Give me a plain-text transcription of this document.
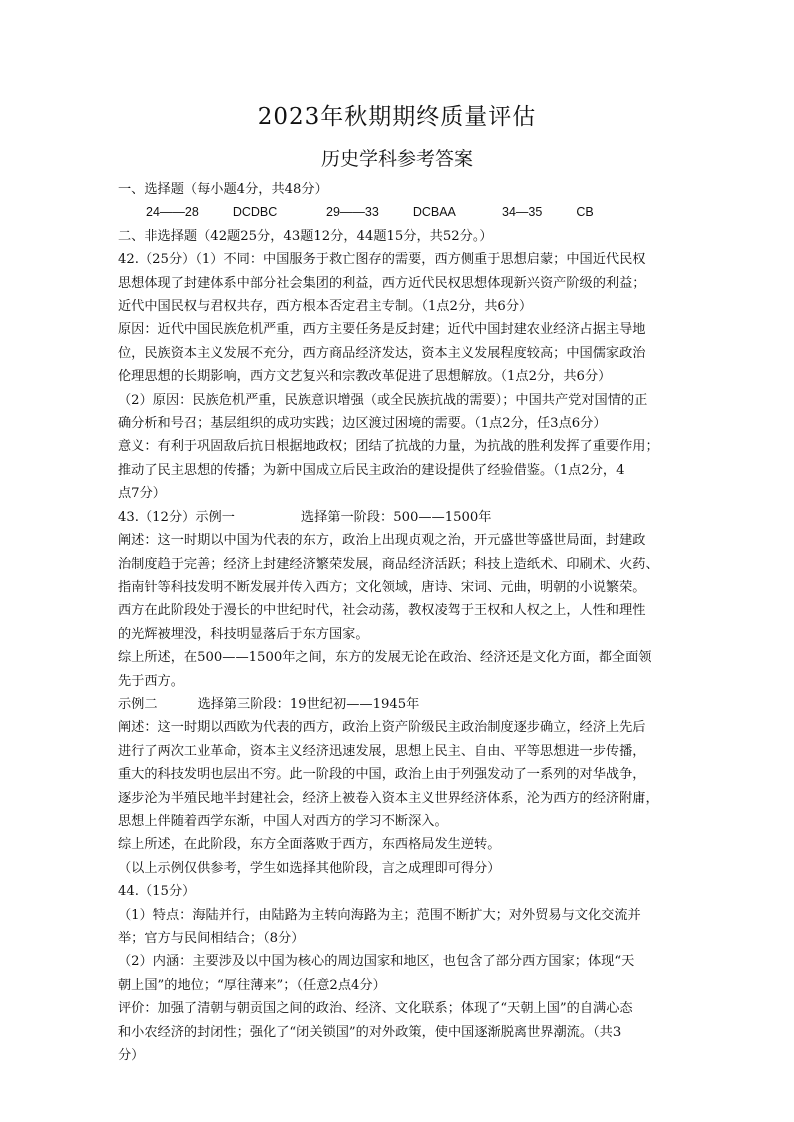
2023年秋期期终质量评估
历史学科参考答案

一、选择题（每小题4分，共48分）

24——28	DCDBC	29——33	DCBAA	34—35	CB

二、非选择题（42题25分，43题12分，44题15分，共52分。）

42.（25分）（1）不同：中国服务于救亡图存的需要，西方侧重于思想启蒙；中国近代民权

思想体现了封建体系中部分社会集团的利益，西方近代民权思想体现新兴资产阶级的利益；

近代中国民权与君权共存，西方根本否定君主专制。（1点2分，共6分）

原因：近代中国民族危机严重，西方主要任务是反封建；近代中国封建农业经济占据主导地

位，民族资本主义发展不充分，西方商品经济发达，资本主义发展程度较高；中国儒家政治

伦理思想的长期影响，西方文艺复兴和宗教改革促进了思想解放。（1点2分，共6分）

（2）原因：民族危机严重，民族意识增强（或全民族抗战的需要）；中国共产党对国情的正

确分析和号召；基层组织的成功实践；边区渡过困境的需要。（1点2分，任3点6分）

意义：有利于巩固敌后抗日根据地政权；团结了抗战的力量，为抗战的胜利发挥了重要作用；

推动了民主思想的传播；为新中国成立后民主政治的建设提供了经验借鉴。（1点2分，4

点7分）

43.（12分）示例一	选择第一阶段：500——1500年

阐述：这一时期以中国为代表的东方，政治上出现贞观之治，开元盛世等盛世局面，封建政

治制度趋于完善；经济上封建经济繁荣发展，商品经济活跃；科技上造纸术、印刷术、火药、

指南针等科技发明不断发展并传入西方；文化领域，唐诗、宋词、元曲，明朝的小说繁荣。

西方在此阶段处于漫长的中世纪时代，社会动荡，教权凌驾于王权和人权之上，人性和理性

的光辉被埋没，科技明显落后于东方国家。

综上所述，在500——1500年之间，东方的发展无论在政治、经济还是文化方面，都全面领

先于西方。

示例二	选择第三阶段：19世纪初——1945年

阐述：这一时期以西欧为代表的西方，政治上资产阶级民主政治制度逐步确立，经济上先后

进行了两次工业革命，资本主义经济迅速发展，思想上民主、自由、平等思想进一步传播，

重大的科技发明也层出不穷。此一阶段的中国，政治上由于列强发动了一系列的对华战争，

逐步沦为半殖民地半封建社会，经济上被卷入资本主义世界经济体系，沦为西方的经济附庸，

思想上伴随着西学东渐，中国人对西方的学习不断深入。

综上所述，在此阶段，东方全面落败于西方，东西格局发生逆转。

（以上示例仅供参考，学生如选择其他阶段，言之成理即可得分）

44.（15分）

（1）特点：海陆并行，由陆路为主转向海路为主；范围不断扩大；对外贸易与文化交流并

举；官方与民间相结合；（8分）

（2）内涵：主要涉及以中国为核心的周边国家和地区，也包含了部分西方国家；体现“天

朝上国”的地位；“厚往薄来”；（任意2点4分）

评价：加强了清朝与朝贡国之间的政治、经济、文化联系；体现了“天朝上国”的自满心态

和小农经济的封闭性；强化了“闭关锁国”的对外政策，使中国逐渐脱离世界潮流。（共3

分）
